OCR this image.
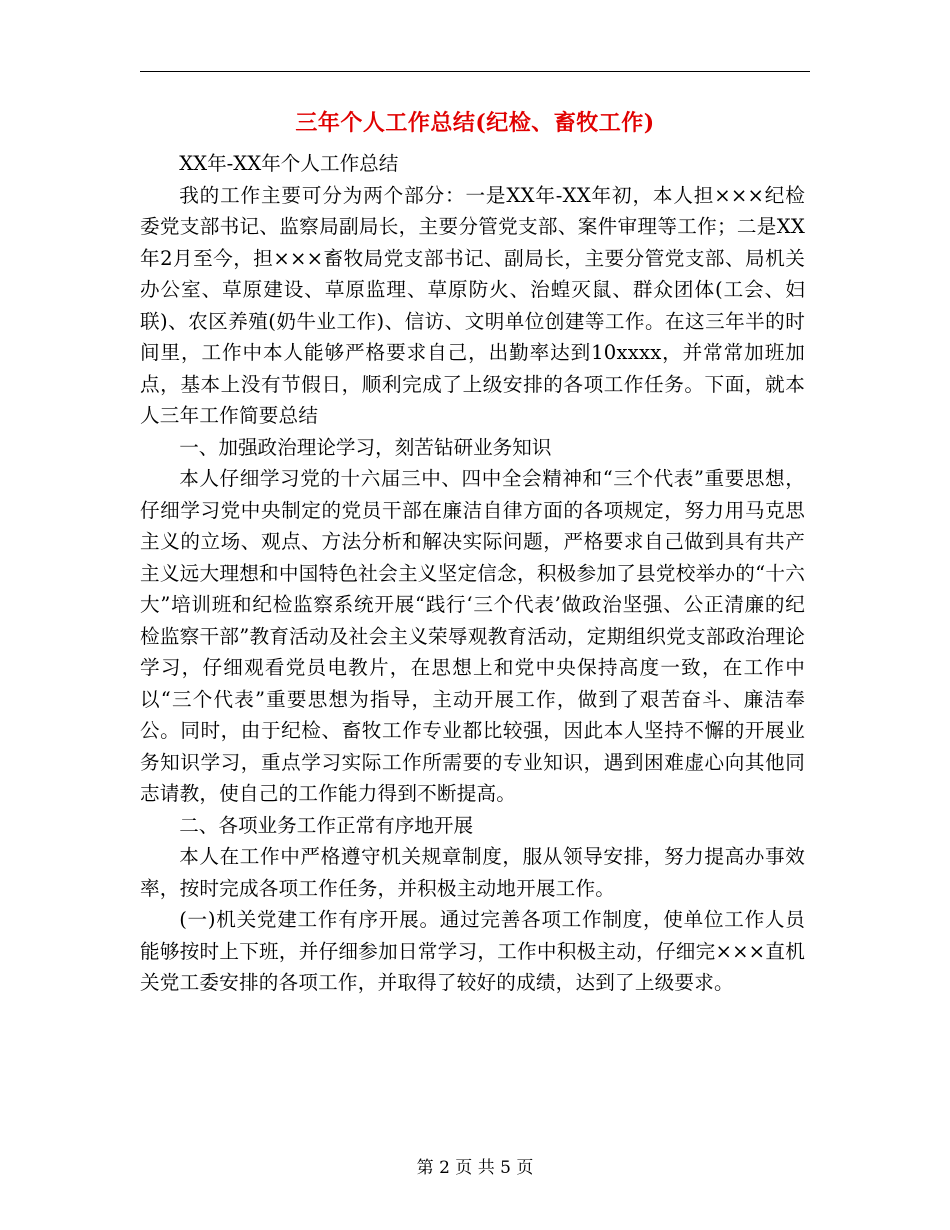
三年个人工作总结(纪检、畜牧工作)

XX年-XX年个人工作总结

我的工作主要可分为两个部分：一是XX年-XX年初，本人担×××纪检委党支部书记、监察局副局长，主要分管党支部、案件审理等工作；二是XX年2月至今，担×××畜牧局党支部书记、副局长，主要分管党支部、局机关办公室、草原建设、草原监理、草原防火、治蝗灭鼠、群众团体(工会、妇联)、农区养殖(奶牛业工作)、信访、文明单位创建等工作。在这三年半的时间里，工作中本人能够严格要求自己，出勤率达到10xxxx，并常常加班加点，基本上没有节假日，顺利完成了上级安排的各项工作任务。下面，就本人三年工作简要总结

一、加强政治理论学习，刻苦钻研业务知识

本人仔细学习党的十六届三中、四中全会精神和“三个代表”重要思想，仔细学习党中央制定的党员干部在廉洁自律方面的各项规定，努力用马克思主义的立场、观点、方法分析和解决实际问题，严格要求自己做到具有共产主义远大理想和中国特色社会主义坚定信念，积极参加了县党校举办的“十六大”培训班和纪检监察系统开展“践行‘三个代表’做政治坚强、公正清廉的纪检监察干部”教育活动及社会主义荣辱观教育活动，定期组织党支部政治理论学习，仔细观看党员电教片，在思想上和党中央保持高度一致，在工作中以“三个代表”重要思想为指导，主动开展工作，做到了艰苦奋斗、廉洁奉公。同时，由于纪检、畜牧工作专业都比较强，因此本人坚持不懈的开展业务知识学习，重点学习实际工作所需要的专业知识，遇到困难虚心向其他同志请教，使自己的工作能力得到不断提高。

二、各项业务工作正常有序地开展

本人在工作中严格遵守机关规章制度，服从领导安排，努力提高办事效率，按时完成各项工作任务，并积极主动地开展工作。

(一)机关党建工作有序开展。通过完善各项工作制度，使单位工作人员能够按时上下班，并仔细参加日常学习，工作中积极主动，仔细完×××直机关党工委安排的各项工作，并取得了较好的成绩，达到了上级要求。

第 2 页 共 5 页
